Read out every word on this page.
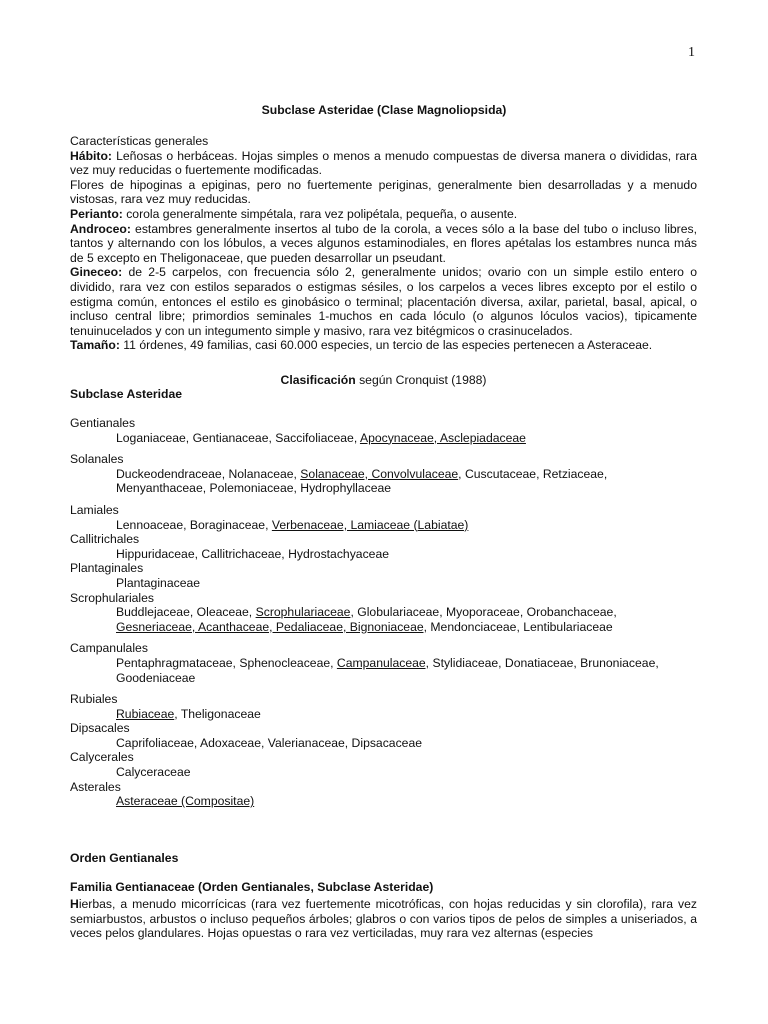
1
Subclase Asteridae (Clase Magnoliopsida)

Características generales

Hábito: Leñosas o herbáceas. Hojas simples o menos a menudo compuestas de diversa manera o divididas, rara vez muy reducidas o fuertemente modificadas.

Flores de hipoginas a epiginas, pero no fuertemente periginas, generalmente bien desarrolladas y a menudo vistosas, rara vez muy reducidas.

Perianto: corola generalmente simpétala, rara vez polipétala, pequeña, o ausente.

Androceo: estambres generalmente insertos al tubo de la corola, a veces sólo a la base del tubo o incluso libres, tantos y alternando con los lóbulos, a veces algunos estaminodiales, en flores apétalas los estambres nunca más de 5 excepto en Theligonaceae, que pueden desarrollar un pseudant.

Gineceo: de 2-5 carpelos, con frecuencia sólo 2, generalmente unidos; ovario con un simple estilo entero o dividido, rara vez con estilos separados o estigmas sésiles, o los carpelos a veces libres excepto por el estilo o estigma común, entonces el estilo es ginobásico o terminal; placentación diversa, axilar, parietal, basal, apical, o incluso central libre; primordios seminales 1-muchos en cada lóculo (o algunos lóculos vacios), tipicamente tenuinucelados y con un integumento simple y masivo, rara vez bitégmicos o crasinucelados.

Tamaño: 11 órdenes, 49 familias, casi 60.000 especies, un tercio de las especies pertenecen a Asteraceae.

Clasificación según Cronquist (1988)
Subclase Asteridae

Gentianales

Loganiaceae, Gentianaceae, Saccifoliaceae, Apocynaceae, Asclepiadaceae

Solanales

Duckeodendraceae, Nolanaceae, Solanaceae, Convolvulaceae, Cuscutaceae, Retziaceae,

Menyanthaceae, Polemoniaceae, Hydrophyllaceae

Lamiales

Lennoaceae, Boraginaceae, Verbenaceae, Lamiaceae (Labiatae)

Callitrichales

Hippuridaceae, Callitrichaceae, Hydrostachyaceae

Plantaginales

Plantaginaceae

Scrophulariales

Buddlejaceae, Oleaceae, Scrophulariaceae, Globulariaceae, Myoporaceae, Orobanchaceae,

Gesneriaceae, Acanthaceae, Pedaliaceae, Bignoniaceae, Mendonciaceae, Lentibulariaceae

Campanulales

Pentaphragmataceae, Sphenocleaceae, Campanulaceae, Stylidiaceae, Donatiaceae, Brunoniaceae,

Goodeniaceae

Rubiales

Rubiaceae, Theligonaceae

Dipsacales

Caprifoliaceae, Adoxaceae, Valerianaceae, Dipsacaceae

Calycerales

Calyceraceae

Asterales

Asteraceae (Compositae)

Orden Gentianales
Familia Gentianaceae (Orden Gentianales, Subclase Asteridae)

Hierbas, a menudo micorrícicas (rara vez fuertemente micotróficas, con hojas reducidas y sin clorofila), rara vez semiarbustos, arbustos o incluso pequeños árboles; glabros o con varios tipos de pelos de simples a uniseriados, a veces pelos glandulares. Hojas opuestas o rara vez verticiladas, muy rara vez alternas (especies
